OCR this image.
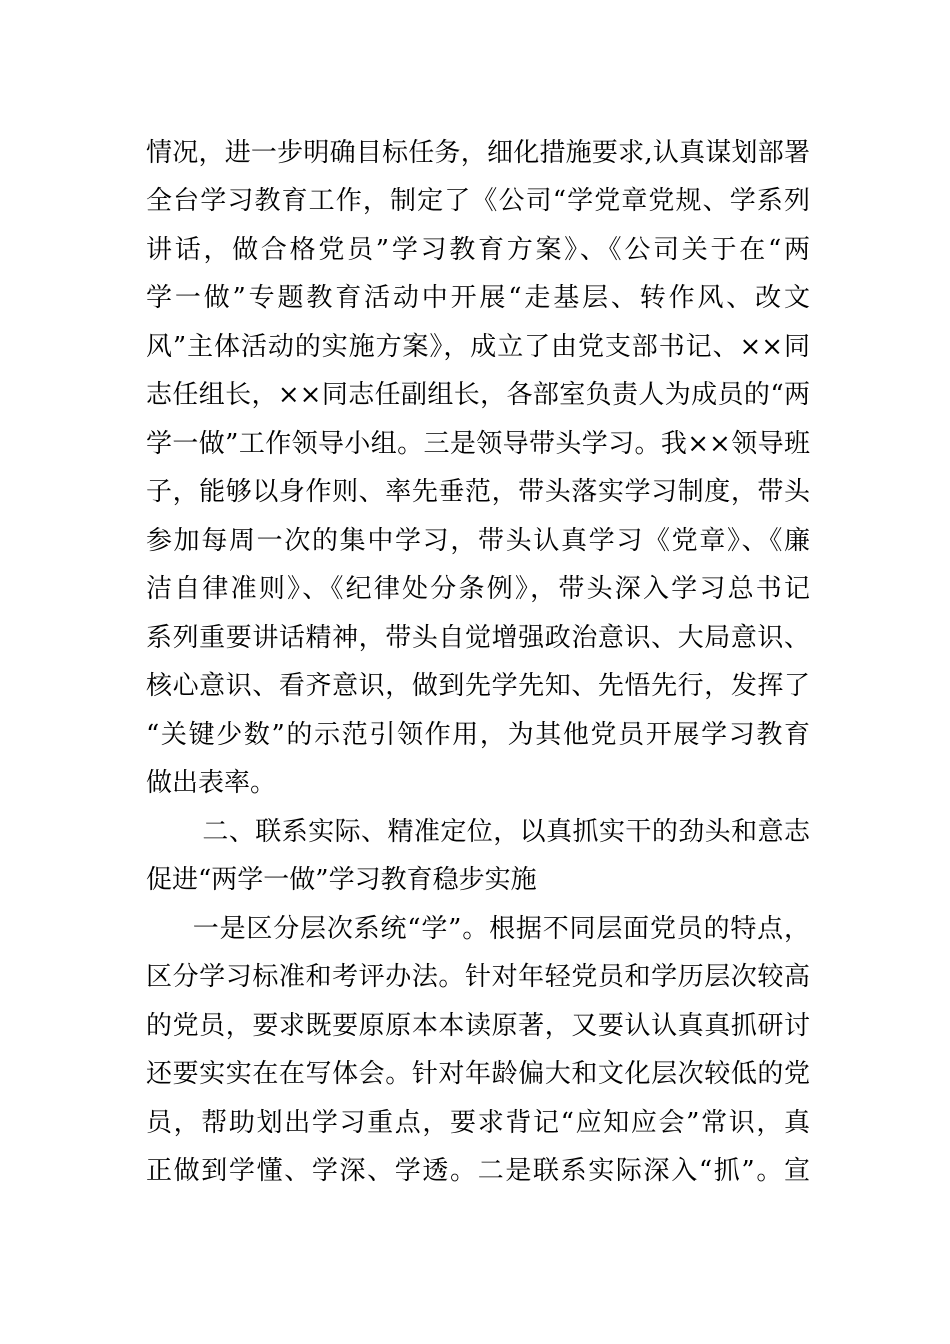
情况，进一步明确目标任务，细化措施要求,认真谋划部署
全台学习教育工作，制定了《公司“学党章党规、学系列
讲话，做合格党员”学习教育方案》、《公司关于在“两
学一做”专题教育活动中开展“走基层、转作风、改文
风”主体活动的实施方案》，成立了由党支部书记、××同
志任组长，××同志任副组长，各部室负责人为成员的“两
学一做”工作领导小组。三是领导带头学习。我××领导班
子，能够以身作则、率先垂范，带头落实学习制度，带头
参加每周一次的集中学习，带头认真学习《党章》、《廉
洁自律准则》、《纪律处分条例》，带头深入学习总书记
系列重要讲话精神，带头自觉增强政治意识、大局意识、
核心意识、看齐意识，做到先学先知、先悟先行，发挥了
“关键少数”的示范引领作用，为其他党员开展学习教育
做出表率。
　二、联系实际、精准定位，以真抓实干的劲头和意志
促进“两学一做”学习教育稳步实施
　一是区分层次系统“学”。根据不同层面党员的特点，
区分学习标准和考评办法。针对年轻党员和学历层次较高
的党员，要求既要原原本本读原著，又要认认真真抓研讨
还要实实在在写体会。针对年龄偏大和文化层次较低的党
员，帮助划出学习重点，要求背记“应知应会”常识，真
正做到学懂、学深、学透。二是联系实际深入“抓”。宣
